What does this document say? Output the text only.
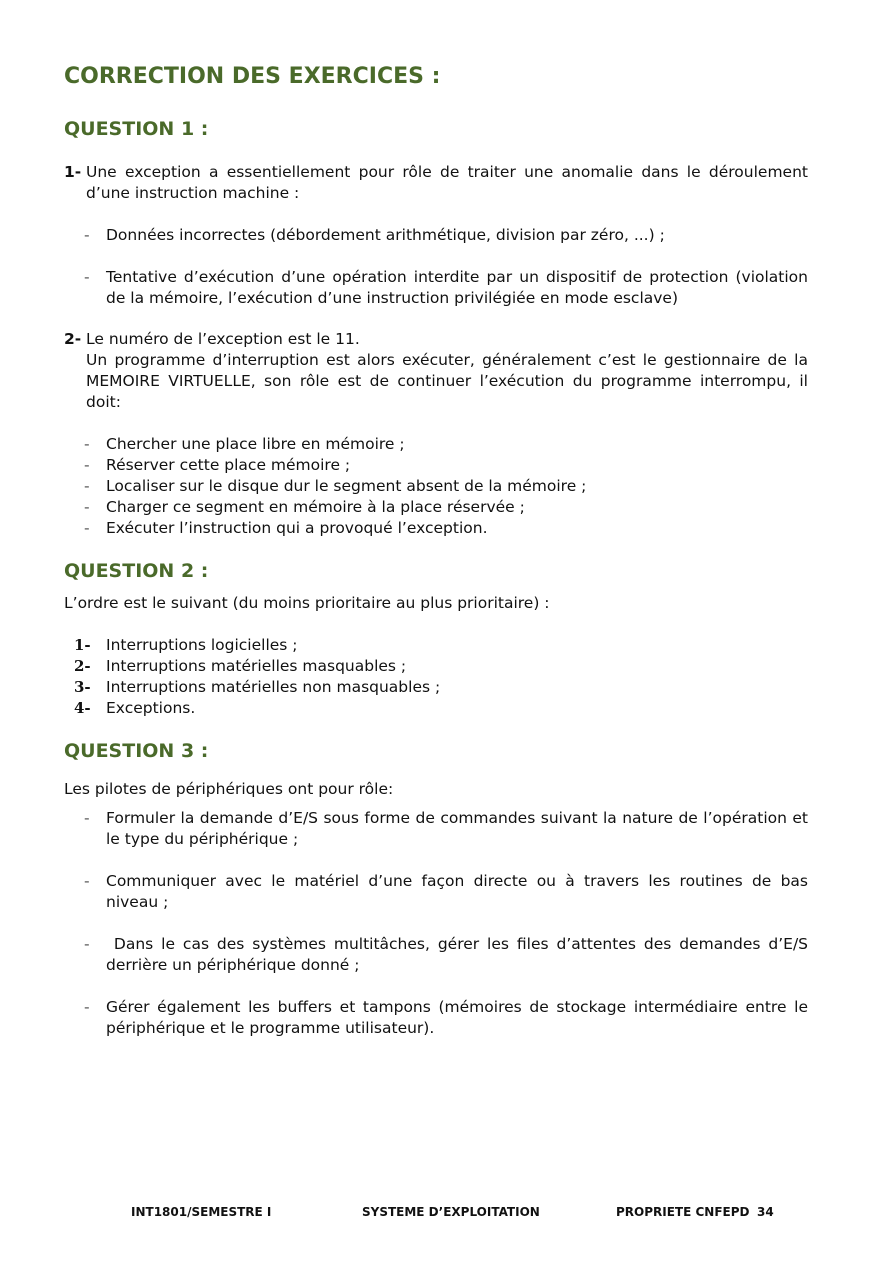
CORRECTION DES EXERCICES :
QUESTION 1 :
1- Une exception a essentiellement pour rôle de traiter une anomalie dans le déroulement d’une instruction machine :
- Données incorrectes (débordement arithmétique, division par zéro, ...) ;
- Tentative d’exécution d’une opération interdite par un dispositif de protection (violation de la mémoire, l’exécution d’une instruction privilégiée en mode esclave)
2- Le numéro de l’exception est le 11.
Un programme d’interruption est alors exécuter, généralement c’est le gestionnaire de la MEMOIRE VIRTUELLE, son rôle est de continuer l’exécution du programme interrompu, il doit:
- Chercher une place libre en mémoire ;
- Réserver cette place mémoire ;
- Localiser sur le disque dur le segment absent de la mémoire ;
- Charger ce segment en mémoire à la place réservée ;
- Exécuter l’instruction qui a provoqué l’exception.
QUESTION 2 :
L’ordre est le suivant (du moins prioritaire au plus prioritaire) :
1- Interruptions logicielles ;
2- Interruptions matérielles masquables ;
3- Interruptions matérielles non masquables ;
4- Exceptions.
QUESTION 3 :
Les pilotes de périphériques ont pour rôle:
- Formuler la demande d’E/S sous forme de commandes suivant la nature de l’opération et le type du périphérique ;
- Communiquer avec le matériel d’une façon directe ou à travers les routines de bas niveau ;
- Dans le cas des systèmes multitâches, gérer les files d’attentes des demandes d’E/S derrière un périphérique donné ;
- Gérer également les buffers et tampons (mémoires de stockage intermédiaire entre le périphérique et le programme utilisateur).
INT1801/SEMESTRE I	SYSTEME D’EXPLOITATION	PROPRIETE CNFEPD 34
